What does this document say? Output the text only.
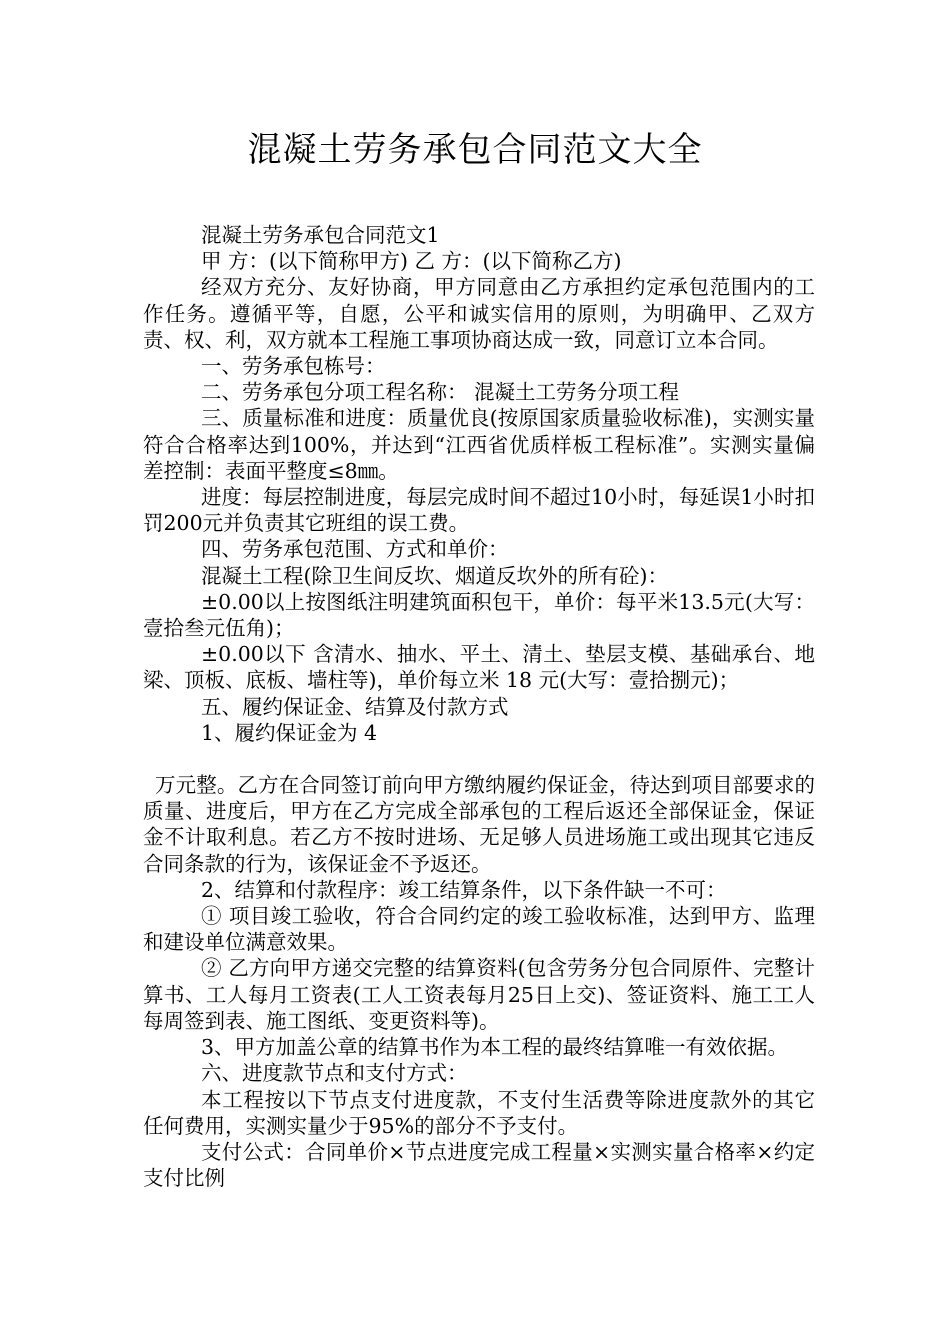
混凝土劳务承包合同范文大全

混凝土劳务承包合同范文1

甲 方：(以下简称甲方) 乙 方：(以下简称乙方)

经双方充分、友好协商，甲方同意由乙方承担约定承包范围内的工作任务。遵循平等，自愿，公平和诚实信用的原则，为明确甲、乙双方责、权、利，双方就本工程施工事项协商达成一致，同意订立本合同。

一、劳务承包栋号：

二、劳务承包分项工程名称： 混凝土工劳务分项工程

三、质量标准和进度：质量优良(按原国家质量验收标准)，实测实量符合合格率达到100%，并达到“江西省优质样板工程标准”。实测实量偏差控制：表面平整度≤8㎜。

进度：每层控制进度，每层完成时间不超过10小时，每延误1小时扣罚200元并负责其它班组的误工费。

四、劳务承包范围、方式和单价：

混凝土工程(除卫生间反坎、烟道反坎外的所有砼)：

±0.00以上按图纸注明建筑面积包干，单价：每平米13.5元(大写：壹拾叁元伍角)；

±0.00以下 含清水、抽水、平土、清土、垫层支模、基础承台、地梁、顶板、底板、墙柱等)，单价每立米 18 元(大写：壹拾捌元)；

五、履约保证金、结算及付款方式

1、履约保证金为 4

万元整。乙方在合同签订前向甲方缴纳履约保证金，待达到项目部要求的质量、进度后，甲方在乙方完成全部承包的工程后返还全部保证金，保证金不计取利息。若乙方不按时进场、无足够人员进场施工或出现其它违反合同条款的行为，该保证金不予返还。

2、结算和付款程序：竣工结算条件，以下条件缺一不可：

① 项目竣工验收，符合合同约定的竣工验收标准，达到甲方、监理和建设单位满意效果。

② 乙方向甲方递交完整的结算资料(包含劳务分包合同原件、完整计算书、工人每月工资表(工人工资表每月25日上交)、签证资料、施工工人每周签到表、施工图纸、变更资料等)。

3、甲方加盖公章的结算书作为本工程的最终结算唯一有效依据。

六、进度款节点和支付方式：

本工程按以下节点支付进度款，不支付生活费等除进度款外的其它任何费用，实测实量少于95%的部分不予支付。

支付公式：合同单价×节点进度完成工程量×实测实量合格率×约定支付比例
